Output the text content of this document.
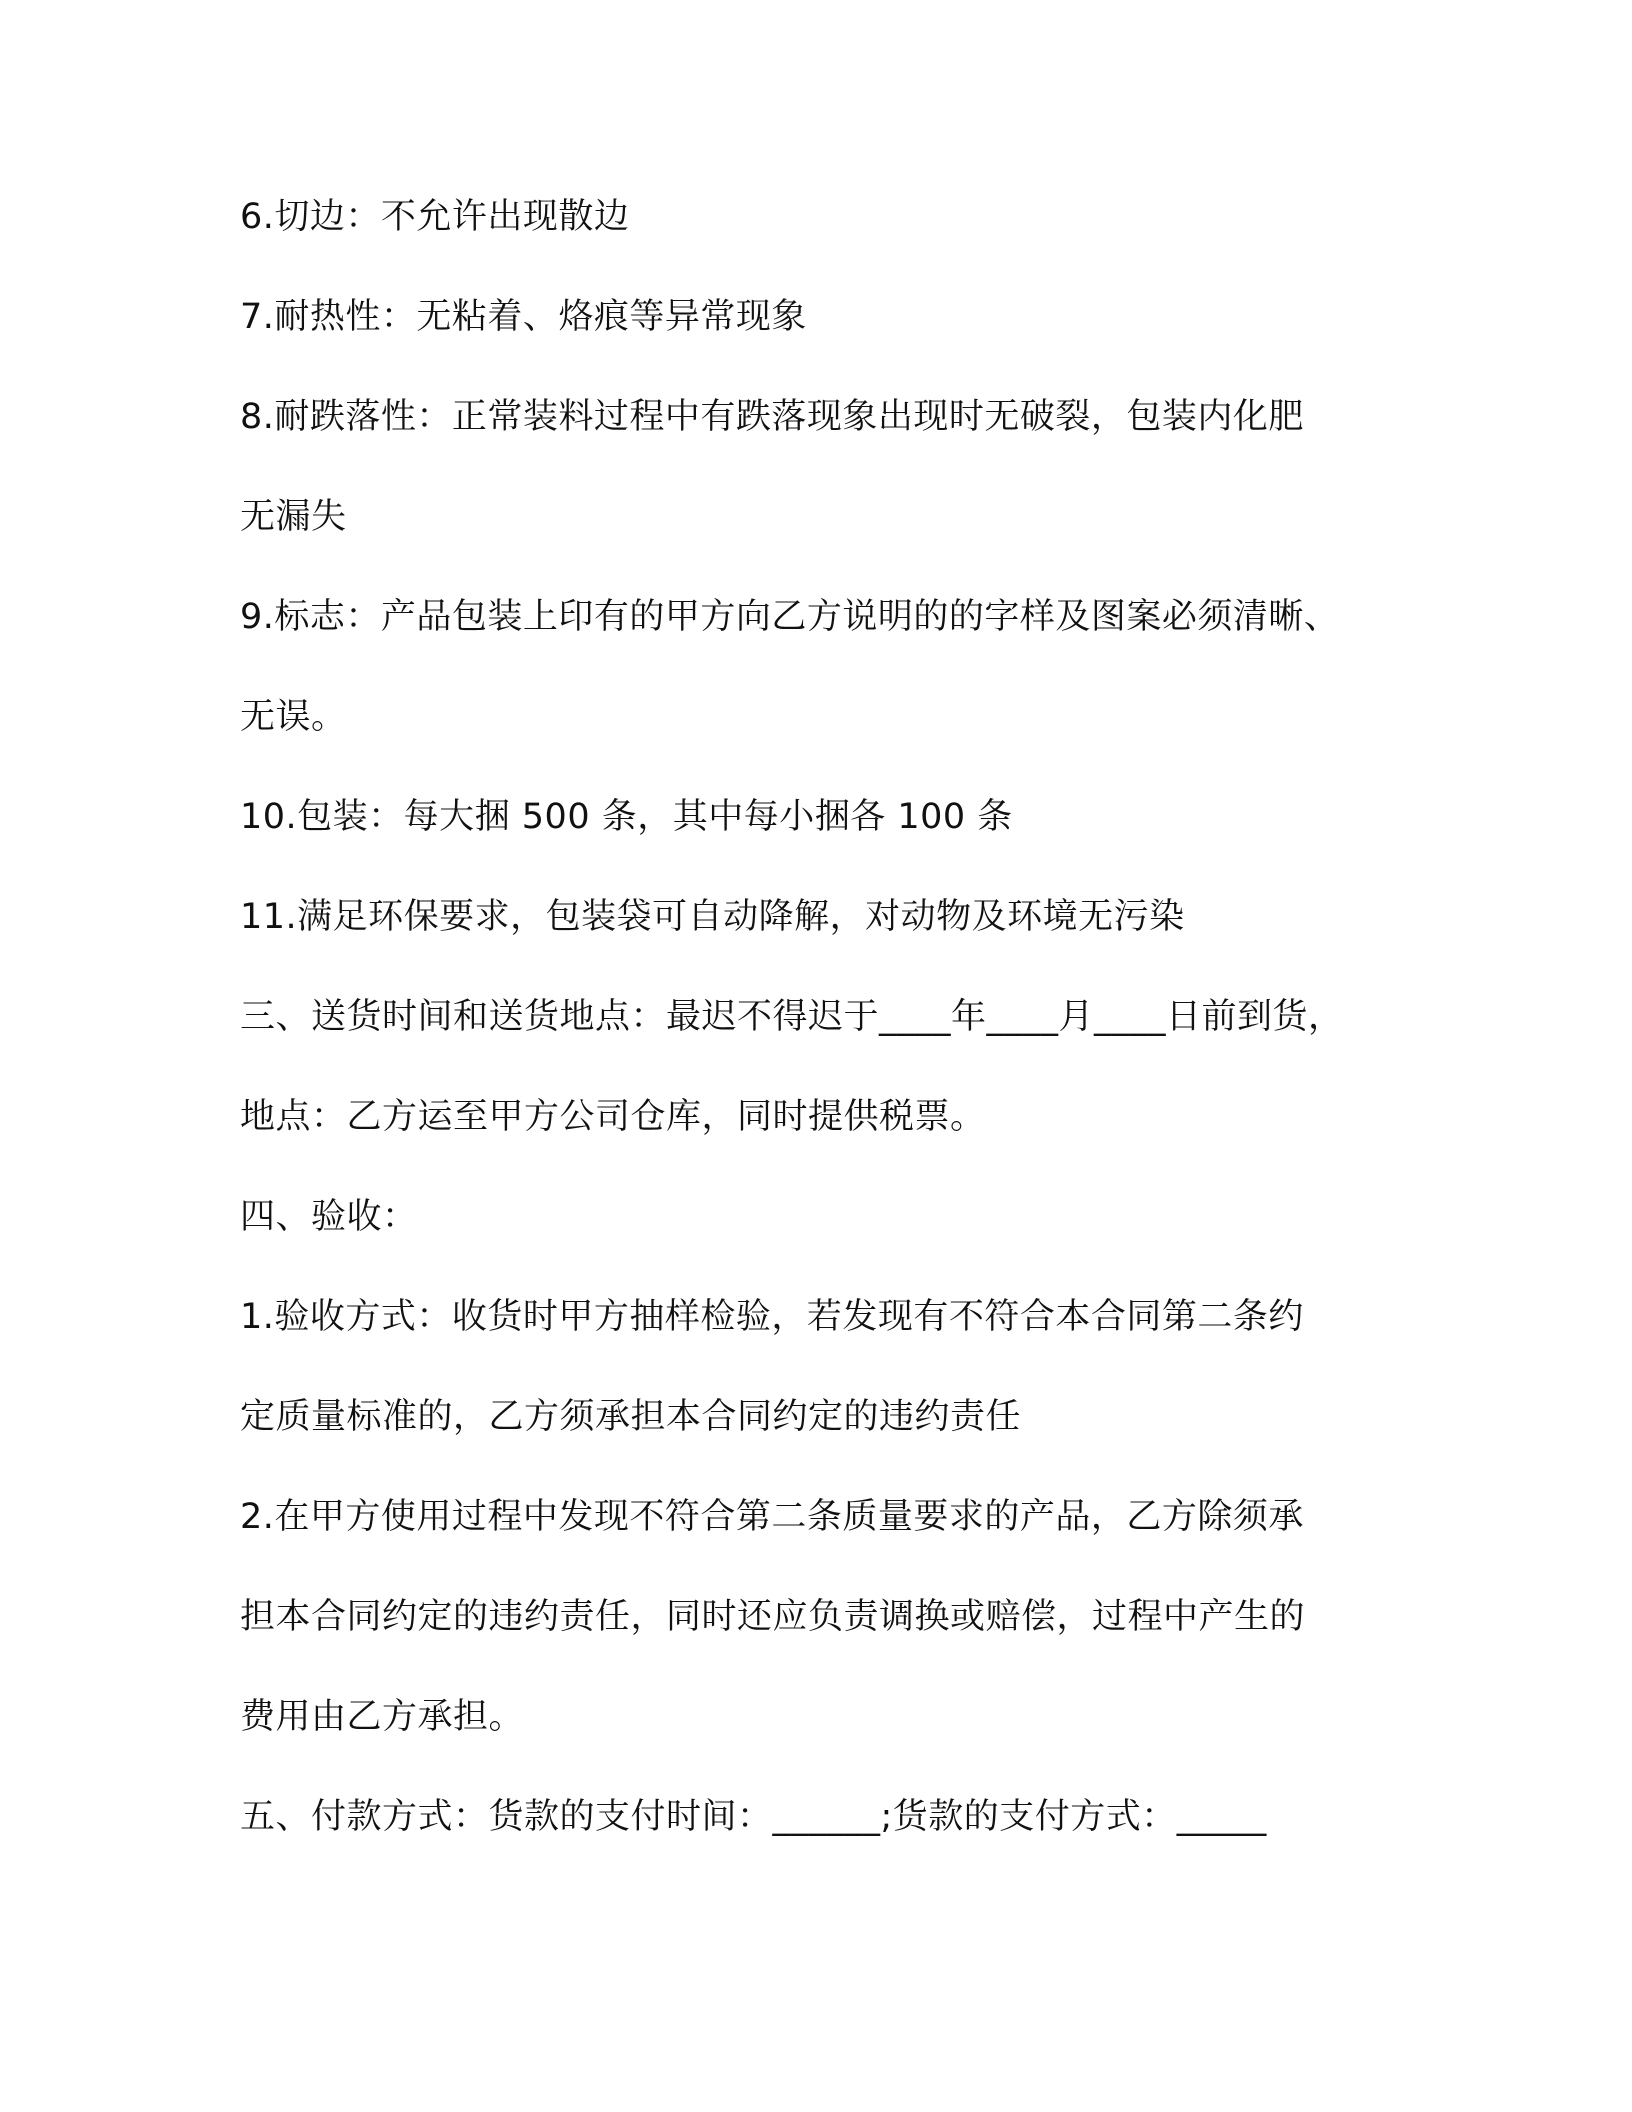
6.切边：不允许出现散边
7.耐热性：无粘着、烙痕等异常现象
8.耐跌落性：正常装料过程中有跌落现象出现时无破裂，包装内化肥
无漏失
9.标志：产品包装上印有的甲方向乙方说明的的字样及图案必须清晰、
无误。
10.包装：每大捆 500 条，其中每小捆各 100 条
11.满足环保要求，包装袋可自动降解，对动物及环境无污染
三、送货时间和送货地点：最迟不得迟于____年____月____日前到货，
地点：乙方运至甲方公司仓库，同时提供税票。
四、验收：
1.验收方式：收货时甲方抽样检验，若发现有不符合本合同第二条约
定质量标准的，乙方须承担本合同约定的违约责任
2.在甲方使用过程中发现不符合第二条质量要求的产品，乙方除须承
担本合同约定的违约责任，同时还应负责调换或赔偿，过程中产生的
费用由乙方承担。
五、付款方式：货款的支付时间：______;货款的支付方式：_____
